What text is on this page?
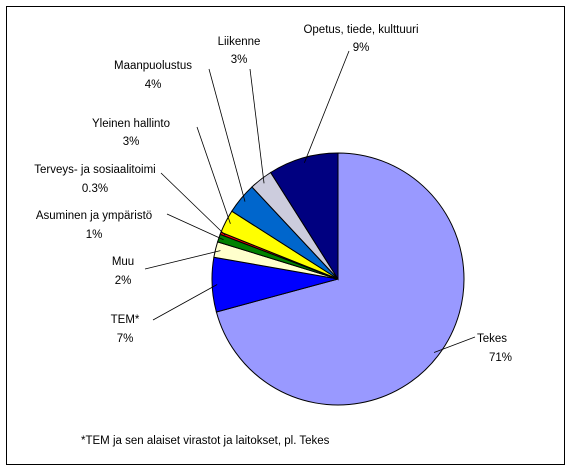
Tekes
71%
TEM*
7%
Muu
2%
Asuminen ja ympäristö
1%
Terveys- ja sosiaalitoimi
0.3%
Yleinen hallinto
3%
Maanpuolustus
4%
Liikenne
3%
Opetus, tiede, kulttuuri
9%
*TEM ja sen alaiset virastot ja laitokset, pl. Tekes
